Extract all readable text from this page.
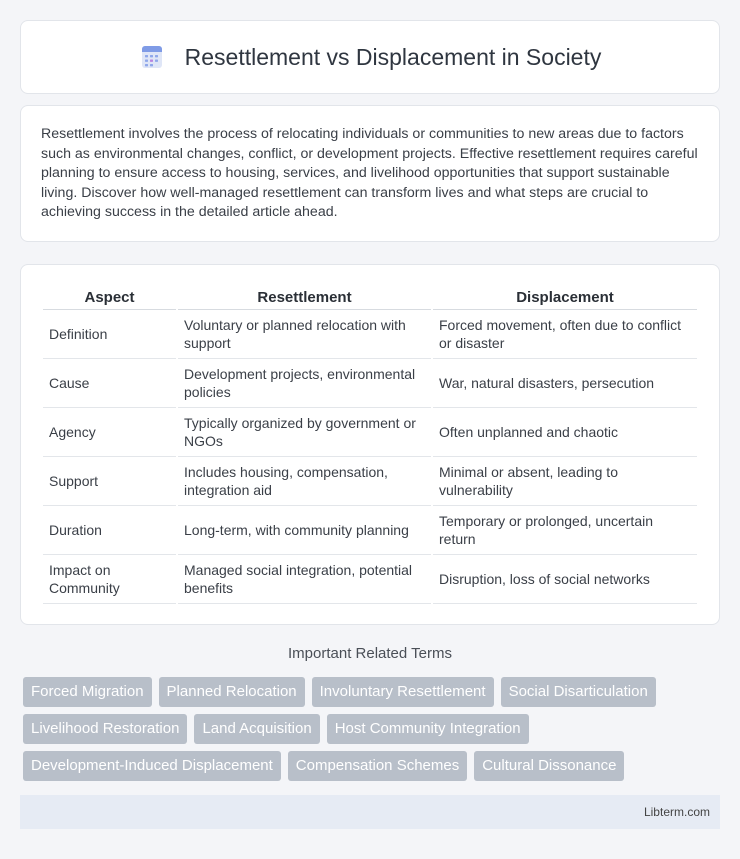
Resettlement vs Displacement in Society

Resettlement involves the process of relocating individuals or communities to new areas due to factors such as environmental changes, conflict, or development projects. Effective resettlement requires careful planning to ensure access to housing, services, and livelihood opportunities that support sustainable living. Discover how well-managed resettlement can transform lives and what steps are crucial to achieving success in the detailed article ahead.

Aspect	Resettlement	Displacement
Definition	Voluntary or planned relocation with support	Forced movement, often due to conflict or disaster
Cause	Development projects, environmental policies	War, natural disasters, persecution
Agency	Typically organized by government or NGOs	Often unplanned and chaotic
Support	Includes housing, compensation, integration aid	Minimal or absent, leading to vulnerability
Duration	Long-term, with community planning	Temporary or prolonged, uncertain return
Impact on Community	Managed social integration, potential benefits	Disruption, loss of social networks
Important Related Terms
Forced Migration	Planned Relocation	Involuntary Resettlement	Social Disarticulation
Livelihood Restoration	Land Acquisition	Host Community Integration
Development-Induced Displacement	Compensation Schemes	Cultural Dissonance
Libterm.com
